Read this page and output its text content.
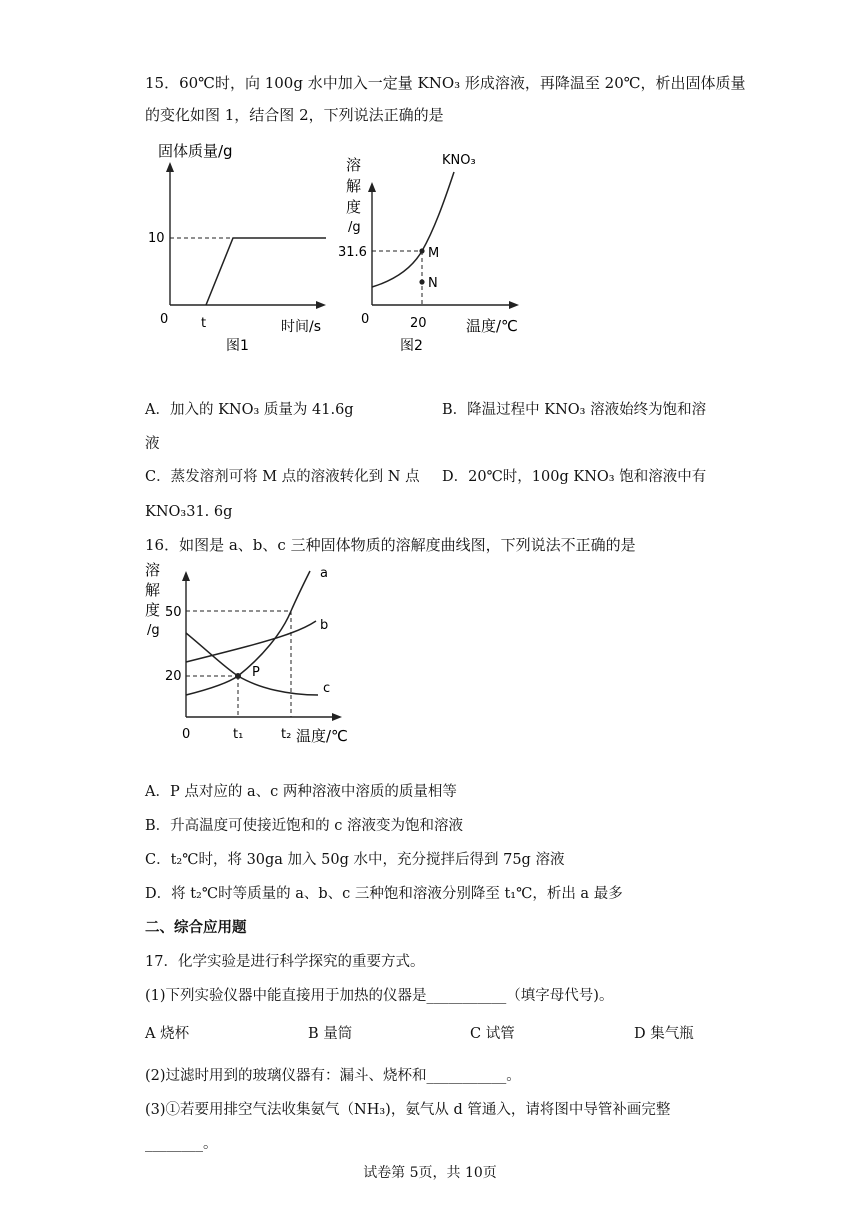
15．60℃时，向 100g 水中加入一定量 KNO₃ 形成溶液，再降温至 20℃，析出固体质量
的变化如图 1，结合图 2，下列说法正确的是
固体质量/g
10
0	t	时间/s
图1
溶
解
度
/g
KNO₃
31.6	M
N
0	20	温度/℃
图2
A．加入的 KNO₃ 质量为 41.6g	B．降温过程中 KNO₃ 溶液始终为饱和溶
液
C．蒸发溶剂可将 M 点的溶液转化到 N 点 D．20℃时，100g KNO₃ 饱和溶液中有
KNO₃31. 6g
16．如图是 a、b、c 三种固体物质的溶解度曲线图，下列说法不正确的是
溶
解
度
/g
50
20
a
b
c
P
0	t₁	t₂ 温度/℃
A．P 点对应的 a、c 两种溶液中溶质的质量相等
B．升高温度可使接近饱和的 c 溶液变为饱和溶液
C．t₂℃时，将 30ga 加入 50g 水中，充分搅拌后得到 75g 溶液
D．将 t₂℃时等质量的 a、b、c 三种饱和溶液分别降至 t₁℃，析出 a 最多
二、综合应用题
17．化学实验是进行科学探究的重要方式。
(1)下列实验仪器中能直接用于加热的仪器是___________（填字母代号)。
A 烧杯	B 量筒	C 试管	D 集气瓶
(2)过滤时用到的玻璃仪器有：漏斗、烧杯和___________。
(3)①若要用排空气法收集氨气（NH₃)，氨气从 d 管通入，请将图中导管补画完整
________。
试卷第 5页，共 10页
